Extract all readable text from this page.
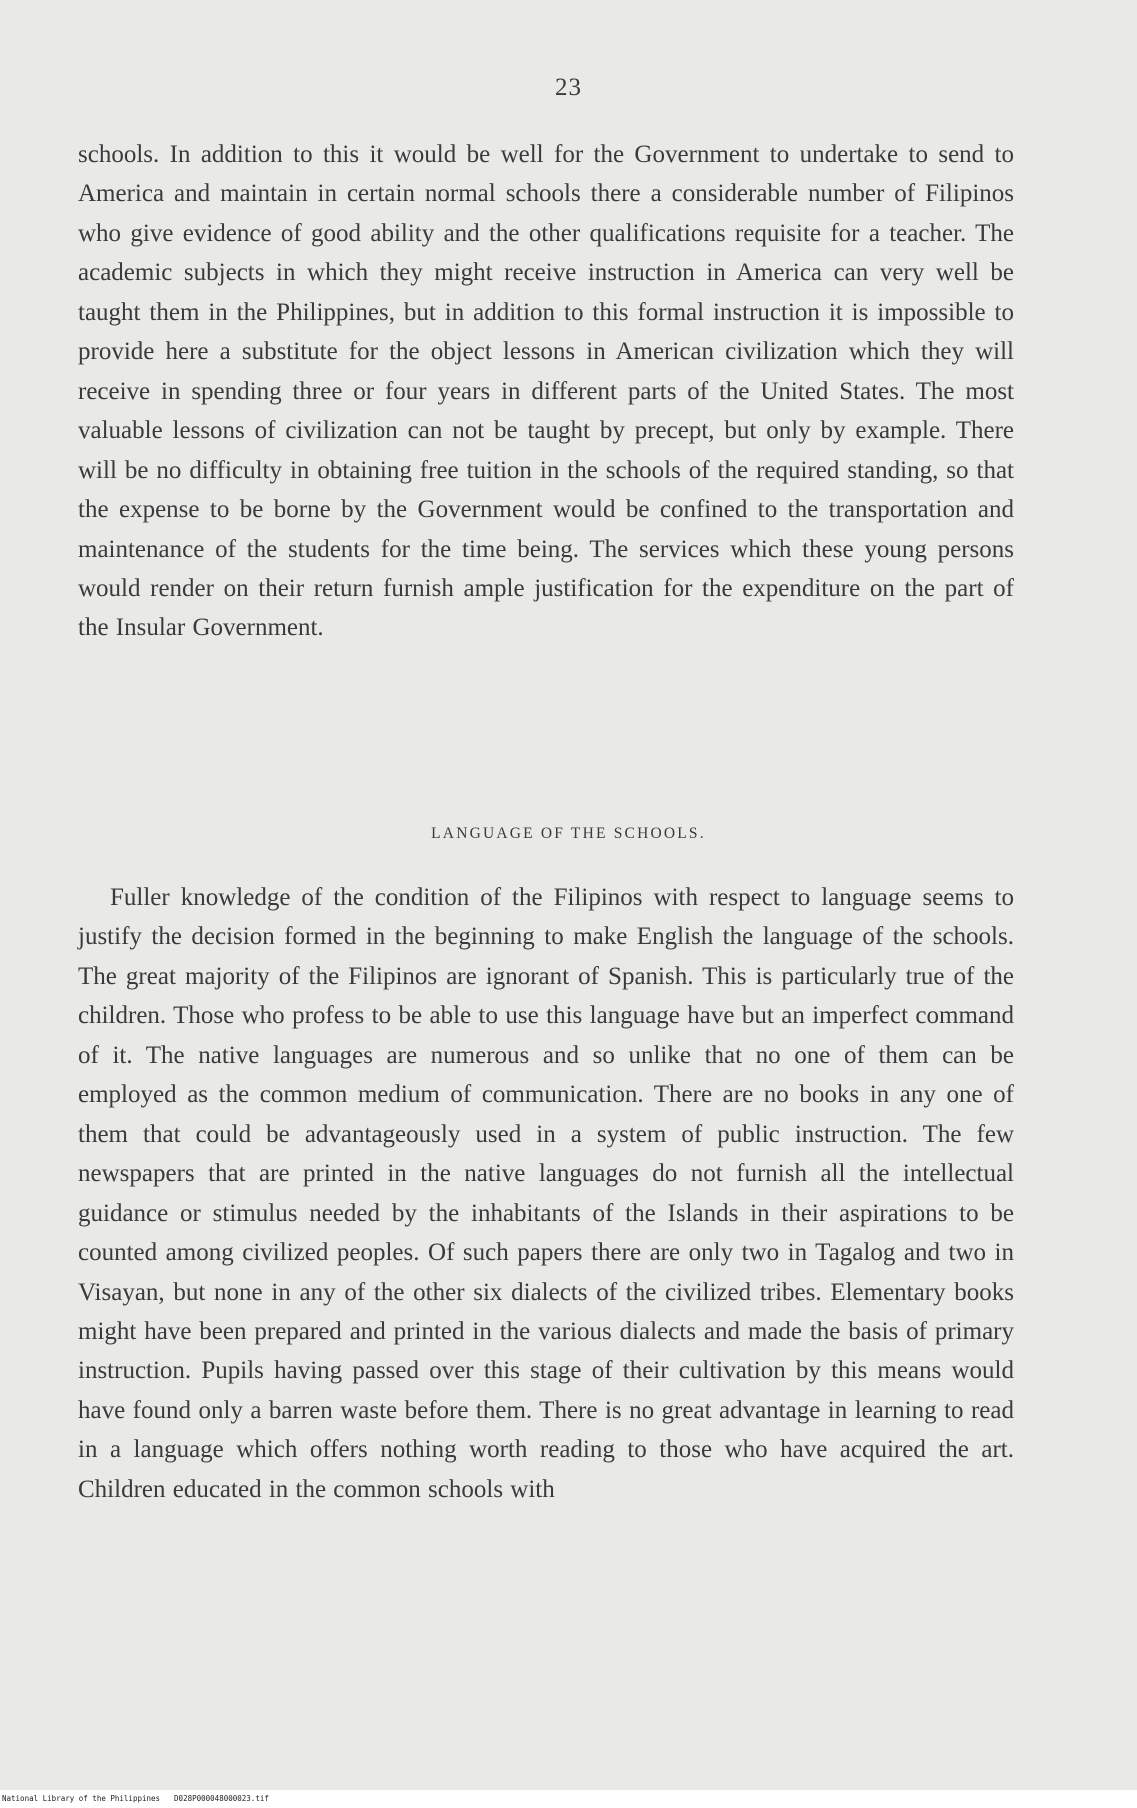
23

schools. In addition to this it would be well for the Government to undertake to send to America and maintain in certain normal schools there a considerable number of Filipinos who give evidence of good ability and the other qualifications requisite for a teacher. The academic subjects in which they might receive instruction in America can very well be taught them in the Philippines, but in addition to this formal instruction it is impossible to provide here a substitute for the object lessons in American civilization which they will receive in spending three or four years in different parts of the United States. The most valuable lessons of civilization can not be taught by precept, but only by example. There will be no difficulty in obtaining free tuition in the schools of the required standing, so that the expense to be borne by the Government would be confined to the transportation and maintenance of the students for the time being. The services which these young persons would render on their return furnish ample justification for the expenditure on the part of the Insular Government.

LANGUAGE OF THE SCHOOLS.

Fuller knowledge of the condition of the Filipinos with respect to language seems to justify the decision formed in the beginning to make English the language of the schools. The great majority of the Filipinos are ignorant of Spanish. This is particularly true of the children. Those who profess to be able to use this language have but an imperfect command of it. The native languages are numerous and so unlike that no one of them can be employed as the common medium of communication. There are no books in any one of them that could be advantageously used in a system of public instruction. The few newspapers that are printed in the native languages do not furnish all the intellectual guidance or stimulus needed by the inhabitants of the Islands in their aspirations to be counted among civilized peoples. Of such papers there are only two in Tagalog and two in Visayan, but none in any of the other six dialects of the civilized tribes. Elementary books might have been prepared and printed in the various dialects and made the basis of primary instruction. Pupils having passed over this stage of their cultivation by this means would have found only a barren waste before them. There is no great advantage in learning to read in a language which offers nothing worth reading to those who have acquired the art. Children educated in the common schools with

National Library of the Philippines D028P000048000023.tif
